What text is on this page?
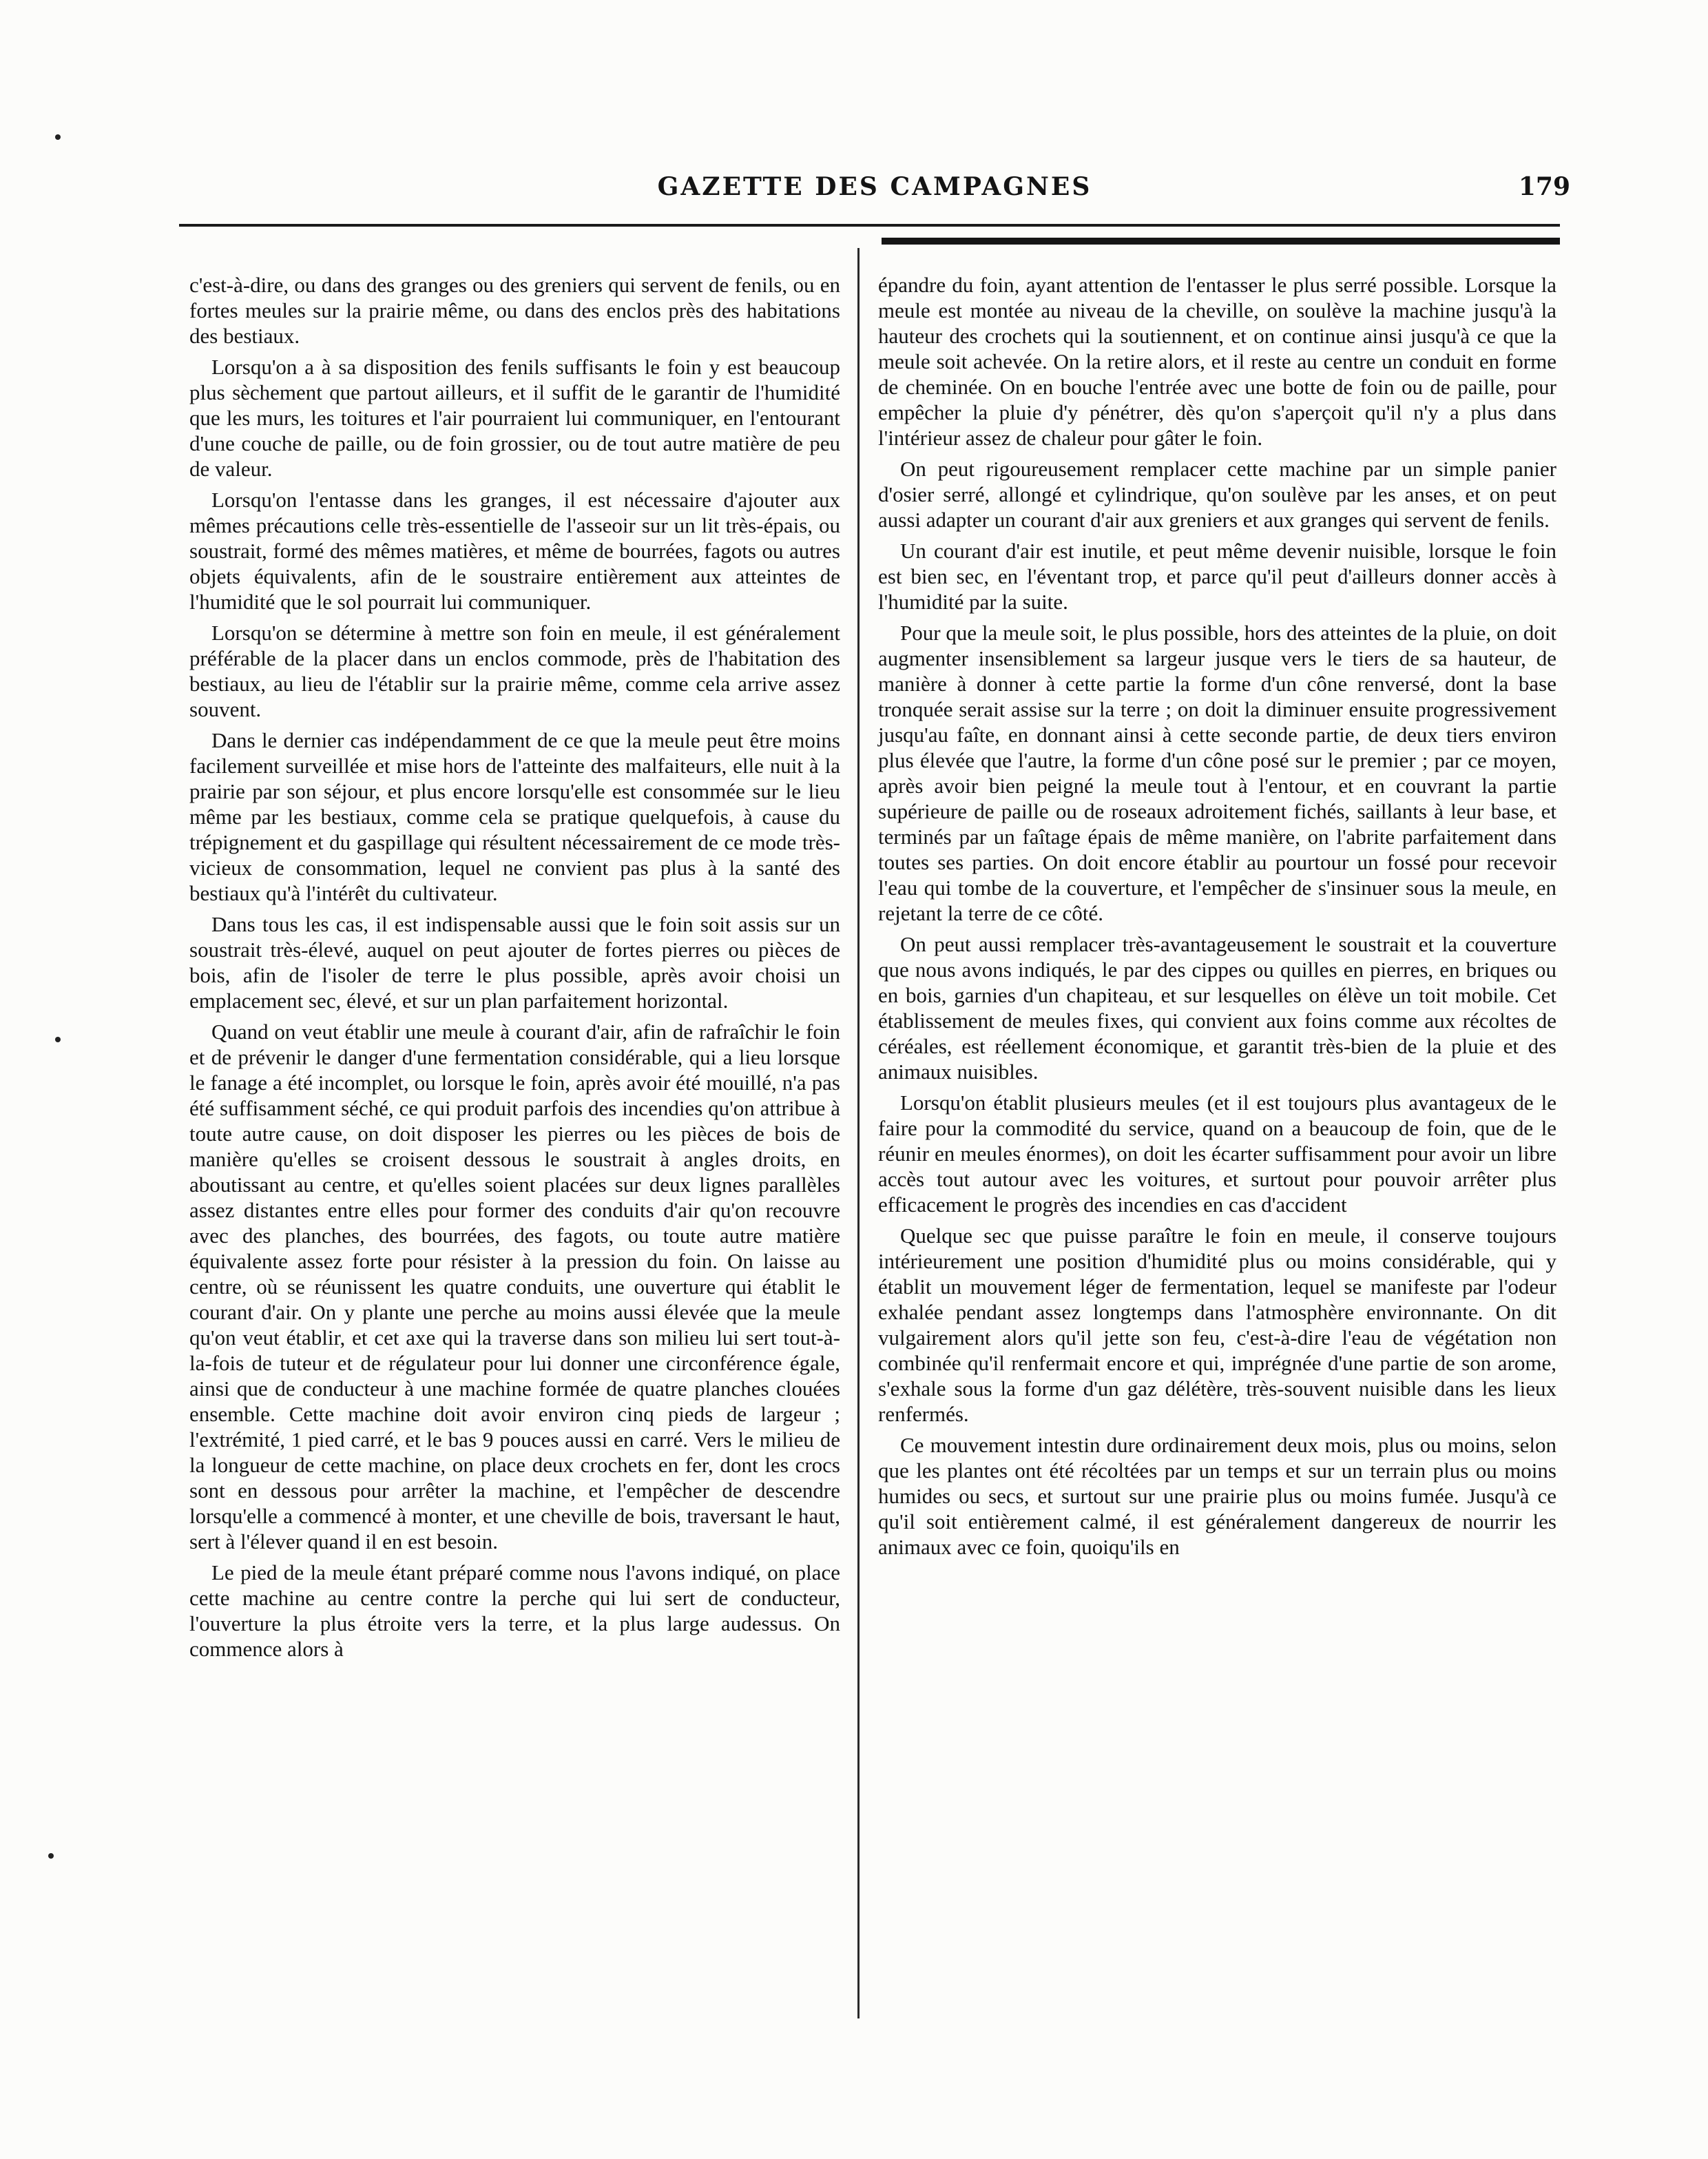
GAZETTE DES CAMPAGNES	179

c'est-à-dire, ou dans des granges ou des greniers qui servent de fenils, ou en fortes meules sur la prairie même, ou dans des enclos près des habitations des bestiaux.

Lorsqu'on a à sa disposition des fenils suffisants le foin y est beaucoup plus sèchement que partout ailleurs, et il suffit de le garantir de l'humidité que les murs, les toitures et l'air pourraient lui communiquer, en l'entourant d'une couche de paille, ou de foin grossier, ou de tout autre matière de peu de valeur.

Lorsqu'on l'entasse dans les granges, il est nécessaire d'ajouter aux mêmes précautions celle très-essentielle de l'asseoir sur un lit très-épais, ou soustrait, formé des mêmes matières, et même de bourrées, fagots ou autres objets équivalents, afin de le soustraire entièrement aux atteintes de l'humidité que le sol pourrait lui communiquer.

Lorsqu'on se détermine à mettre son foin en meule, il est généralement préférable de la placer dans un enclos commode, près de l'habitation des bestiaux, au lieu de l'établir sur la prairie même, comme cela arrive assez souvent.

Dans le dernier cas indépendamment de ce que la meule peut être moins facilement surveillée et mise hors de l'atteinte des malfaiteurs, elle nuit à la prairie par son séjour, et plus encore lorsqu'elle est consommée sur le lieu même par les bestiaux, comme cela se pratique quelquefois, à cause du trépignement et du gaspillage qui résultent nécessairement de ce mode très-vicieux de consommation, lequel ne convient pas plus à la santé des bestiaux qu'à l'intérêt du cultivateur.

Dans tous les cas, il est indispensable aussi que le foin soit assis sur un soustrait très-élevé, auquel on peut ajouter de fortes pierres ou pièces de bois, afin de l'isoler de terre le plus possible, après avoir choisi un emplacement sec, élevé, et sur un plan parfaitement horizontal.

Quand on veut établir une meule à courant d'air, afin de rafraîchir le foin et de prévenir le danger d'une fermentation considérable, qui a lieu lorsque le fanage a été incomplet, ou lorsque le foin, après avoir été mouillé, n'a pas été suffisamment séché, ce qui produit parfois des incendies qu'on attribue à toute autre cause, on doit disposer les pierres ou les pièces de bois de manière qu'elles se croisent dessous le soustrait à angles droits, en aboutissant au centre, et qu'elles soient placées sur deux lignes parallèles assez distantes entre elles pour former des conduits d'air qu'on recouvre avec des planches, des bourrées, des fagots, ou toute autre matière équivalente assez forte pour résister à la pression du foin. On laisse au centre, où se réunissent les quatre conduits, une ouverture qui établit le courant d'air. On y plante une perche au moins aussi élevée que la meule qu'on veut établir, et cet axe qui la traverse dans son milieu lui sert tout-à-la-fois de tuteur et de régulateur pour lui donner une circonférence égale, ainsi que de conducteur à une machine formée de quatre planches clouées ensemble. Cette machine doit avoir environ cinq pieds de largeur ; l'extrémité, 1 pied carré, et le bas 9 pouces aussi en carré. Vers le milieu de la longueur de cette machine, on place deux crochets en fer, dont les crocs sont en dessous pour arrêter la machine, et l'empêcher de descendre lorsqu'elle a commencé à monter, et une cheville de bois, traversant le haut, sert à l'élever quand il en est besoin.

Le pied de la meule étant préparé comme nous l'avons indiqué, on place cette machine au centre contre la perche qui lui sert de conducteur, l'ouverture la plus étroite vers la terre, et la plus large audessus. On commence alors à

épandre du foin, ayant attention de l'entasser le plus serré possible. Lorsque la meule est montée au niveau de la cheville, on soulève la machine jusqu'à la hauteur des crochets qui la soutiennent, et on continue ainsi jusqu'à ce que la meule soit achevée. On la retire alors, et il reste au centre un conduit en forme de cheminée. On en bouche l'entrée avec une botte de foin ou de paille, pour empêcher la pluie d'y pénétrer, dès qu'on s'aperçoit qu'il n'y a plus dans l'intérieur assez de chaleur pour gâter le foin.

On peut rigoureusement remplacer cette machine par un simple panier d'osier serré, allongé et cylindrique, qu'on soulève par les anses, et on peut aussi adapter un courant d'air aux greniers et aux granges qui servent de fenils.

Un courant d'air est inutile, et peut même devenir nuisible, lorsque le foin est bien sec, en l'éventant trop, et parce qu'il peut d'ailleurs donner accès à l'humidité par la suite.

Pour que la meule soit, le plus possible, hors des atteintes de la pluie, on doit augmenter insensiblement sa largeur jusque vers le tiers de sa hauteur, de manière à donner à cette partie la forme d'un cône renversé, dont la base tronquée serait assise sur la terre ; on doit la diminuer ensuite progressivement jusqu'au faîte, en donnant ainsi à cette seconde partie, de deux tiers environ plus élevée que l'autre, la forme d'un cône posé sur le premier ; par ce moyen, après avoir bien peigné la meule tout à l'entour, et en couvrant la partie supérieure de paille ou de roseaux adroitement fichés, saillants à leur base, et terminés par un faîtage épais de même manière, on l'abrite parfaitement dans toutes ses parties. On doit encore établir au pourtour un fossé pour recevoir l'eau qui tombe de la couverture, et l'empêcher de s'insinuer sous la meule, en rejetant la terre de ce côté.

On peut aussi remplacer très-avantageusement le soustrait et la couverture que nous avons indiqués, le par des cippes ou quilles en pierres, en briques ou en bois, garnies d'un chapiteau, et sur lesquelles on élève un toit mobile. Cet établissement de meules fixes, qui convient aux foins comme aux récoltes de céréales, est réellement économique, et garantit très-bien de la pluie et des animaux nuisibles.

Lorsqu'on établit plusieurs meules (et il est toujours plus avantageux de le faire pour la commodité du service, quand on a beaucoup de foin, que de le réunir en meules énormes), on doit les écarter suffisamment pour avoir un libre accès tout autour avec les voitures, et surtout pour pouvoir arrêter plus efficacement le progrès des incendies en cas d'accident

Quelque sec que puisse paraître le foin en meule, il conserve toujours intérieurement une position d'humidité plus ou moins considérable, qui y établit un mouvement léger de fermentation, lequel se manifeste par l'odeur exhalée pendant assez longtemps dans l'atmosphère environnante. On dit vulgairement alors qu'il jette son feu, c'est-à-dire l'eau de végétation non combinée qu'il renfermait encore et qui, imprégnée d'une partie de son arome, s'exhale sous la forme d'un gaz délétère, très-souvent nuisible dans les lieux renfermés.

Ce mouvement intestin dure ordinairement deux mois, plus ou moins, selon que les plantes ont été récoltées par un temps et sur un terrain plus ou moins humides ou secs, et surtout sur une prairie plus ou moins fumée. Jusqu'à ce qu'il soit entièrement calmé, il est généralement dangereux de nourrir les animaux avec ce foin, quoiqu'ils en
